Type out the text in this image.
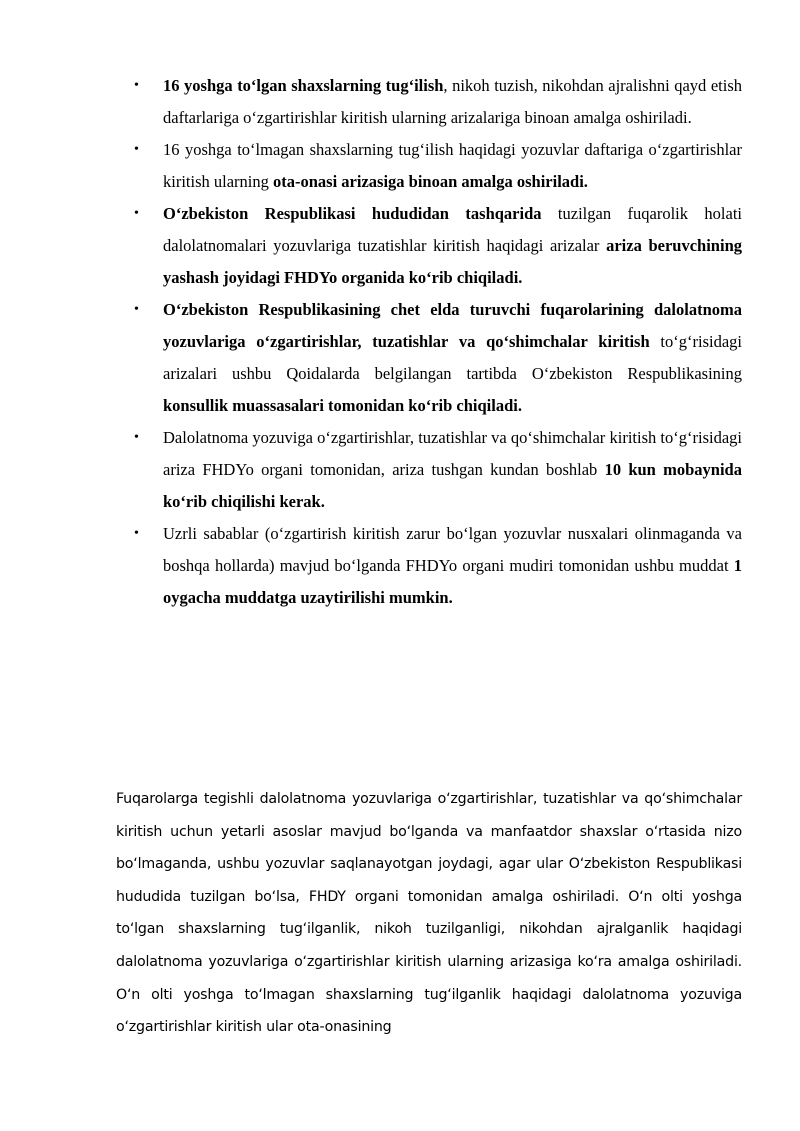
• 16 yoshga to‘lgan shaxslarning tug‘ilish, nikoh tuzish, nikohdan ajralishni qayd etish daftarlariga o‘zgartirishlar kiritish ularning arizalariga binoan amalga oshiriladi.
• 16 yoshga to‘lmagan shaxslarning tug‘ilish haqidagi yozuvlar daftariga o‘zgartirishlar kiritish ularning ota-onasi arizasiga binoan amalga oshiriladi.
• O‘zbekiston Respublikasi hududidan tashqarida tuzilgan fuqarolik holati dalolatnomalari yozuvlariga tuzatishlar kiritish haqidagi arizalar ariza beruvchining yashash joyidagi FHDYo organida ko‘rib chiqiladi.
• O‘zbekiston Respublikasining chet elda turuvchi fuqarolarining dalolatnoma yozuvlariga o‘zgartirishlar, tuzatishlar va qo‘shimchalar kiritish to‘g‘risidagi arizalari ushbu Qoidalarda belgilangan tartibda O‘zbekiston Respublikasining konsullik muassasalari tomonidan ko‘rib chiqiladi.
• Dalolatnoma yozuviga o‘zgartirishlar, tuzatishlar va qo‘shimchalar kiritish to‘g‘risidagi ariza FHDYo organi tomonidan, ariza tushgan kundan boshlab 10 kun mobaynida ko‘rib chiqilishi kerak.
• Uzrli sabablar (o‘zgartirish kiritish zarur bo‘lgan yozuvlar nusxalari olinmaganda va boshqa hollarda) mavjud bo‘lganda FHDYo organi mudiri tomonidan ushbu muddat 1 oygacha muddatga uzaytirilishi mumkin.

Fuqarolarga tegishli dalolatnoma yozuvlariga o‘zgartirishlar, tuzatishlar va qo‘shimchalar kiritish uchun yetarli asoslar mavjud bo‘lganda va manfaatdor shaxslar o‘rtasida nizo bo‘lmaganda, ushbu yozuvlar saqlanayotgan joydagi, agar ular O‘zbekiston Respublikasi hududida tuzilgan bo‘lsa, FHDY organi tomonidan amalga oshiriladi. O‘n olti yoshga to‘lgan shaxslarning tug‘ilganlik, nikoh tuzilganligi, nikohdan ajralganlik haqidagi dalolatnoma yozuvlariga o‘zgartirishlar kiritish ularning arizasiga ko‘ra amalga oshiriladi. O‘n olti yoshga to‘lmagan shaxslarning tug‘ilganlik haqidagi dalolatnoma yozuviga o‘zgartirishlar kiritish ular ota-onasining
